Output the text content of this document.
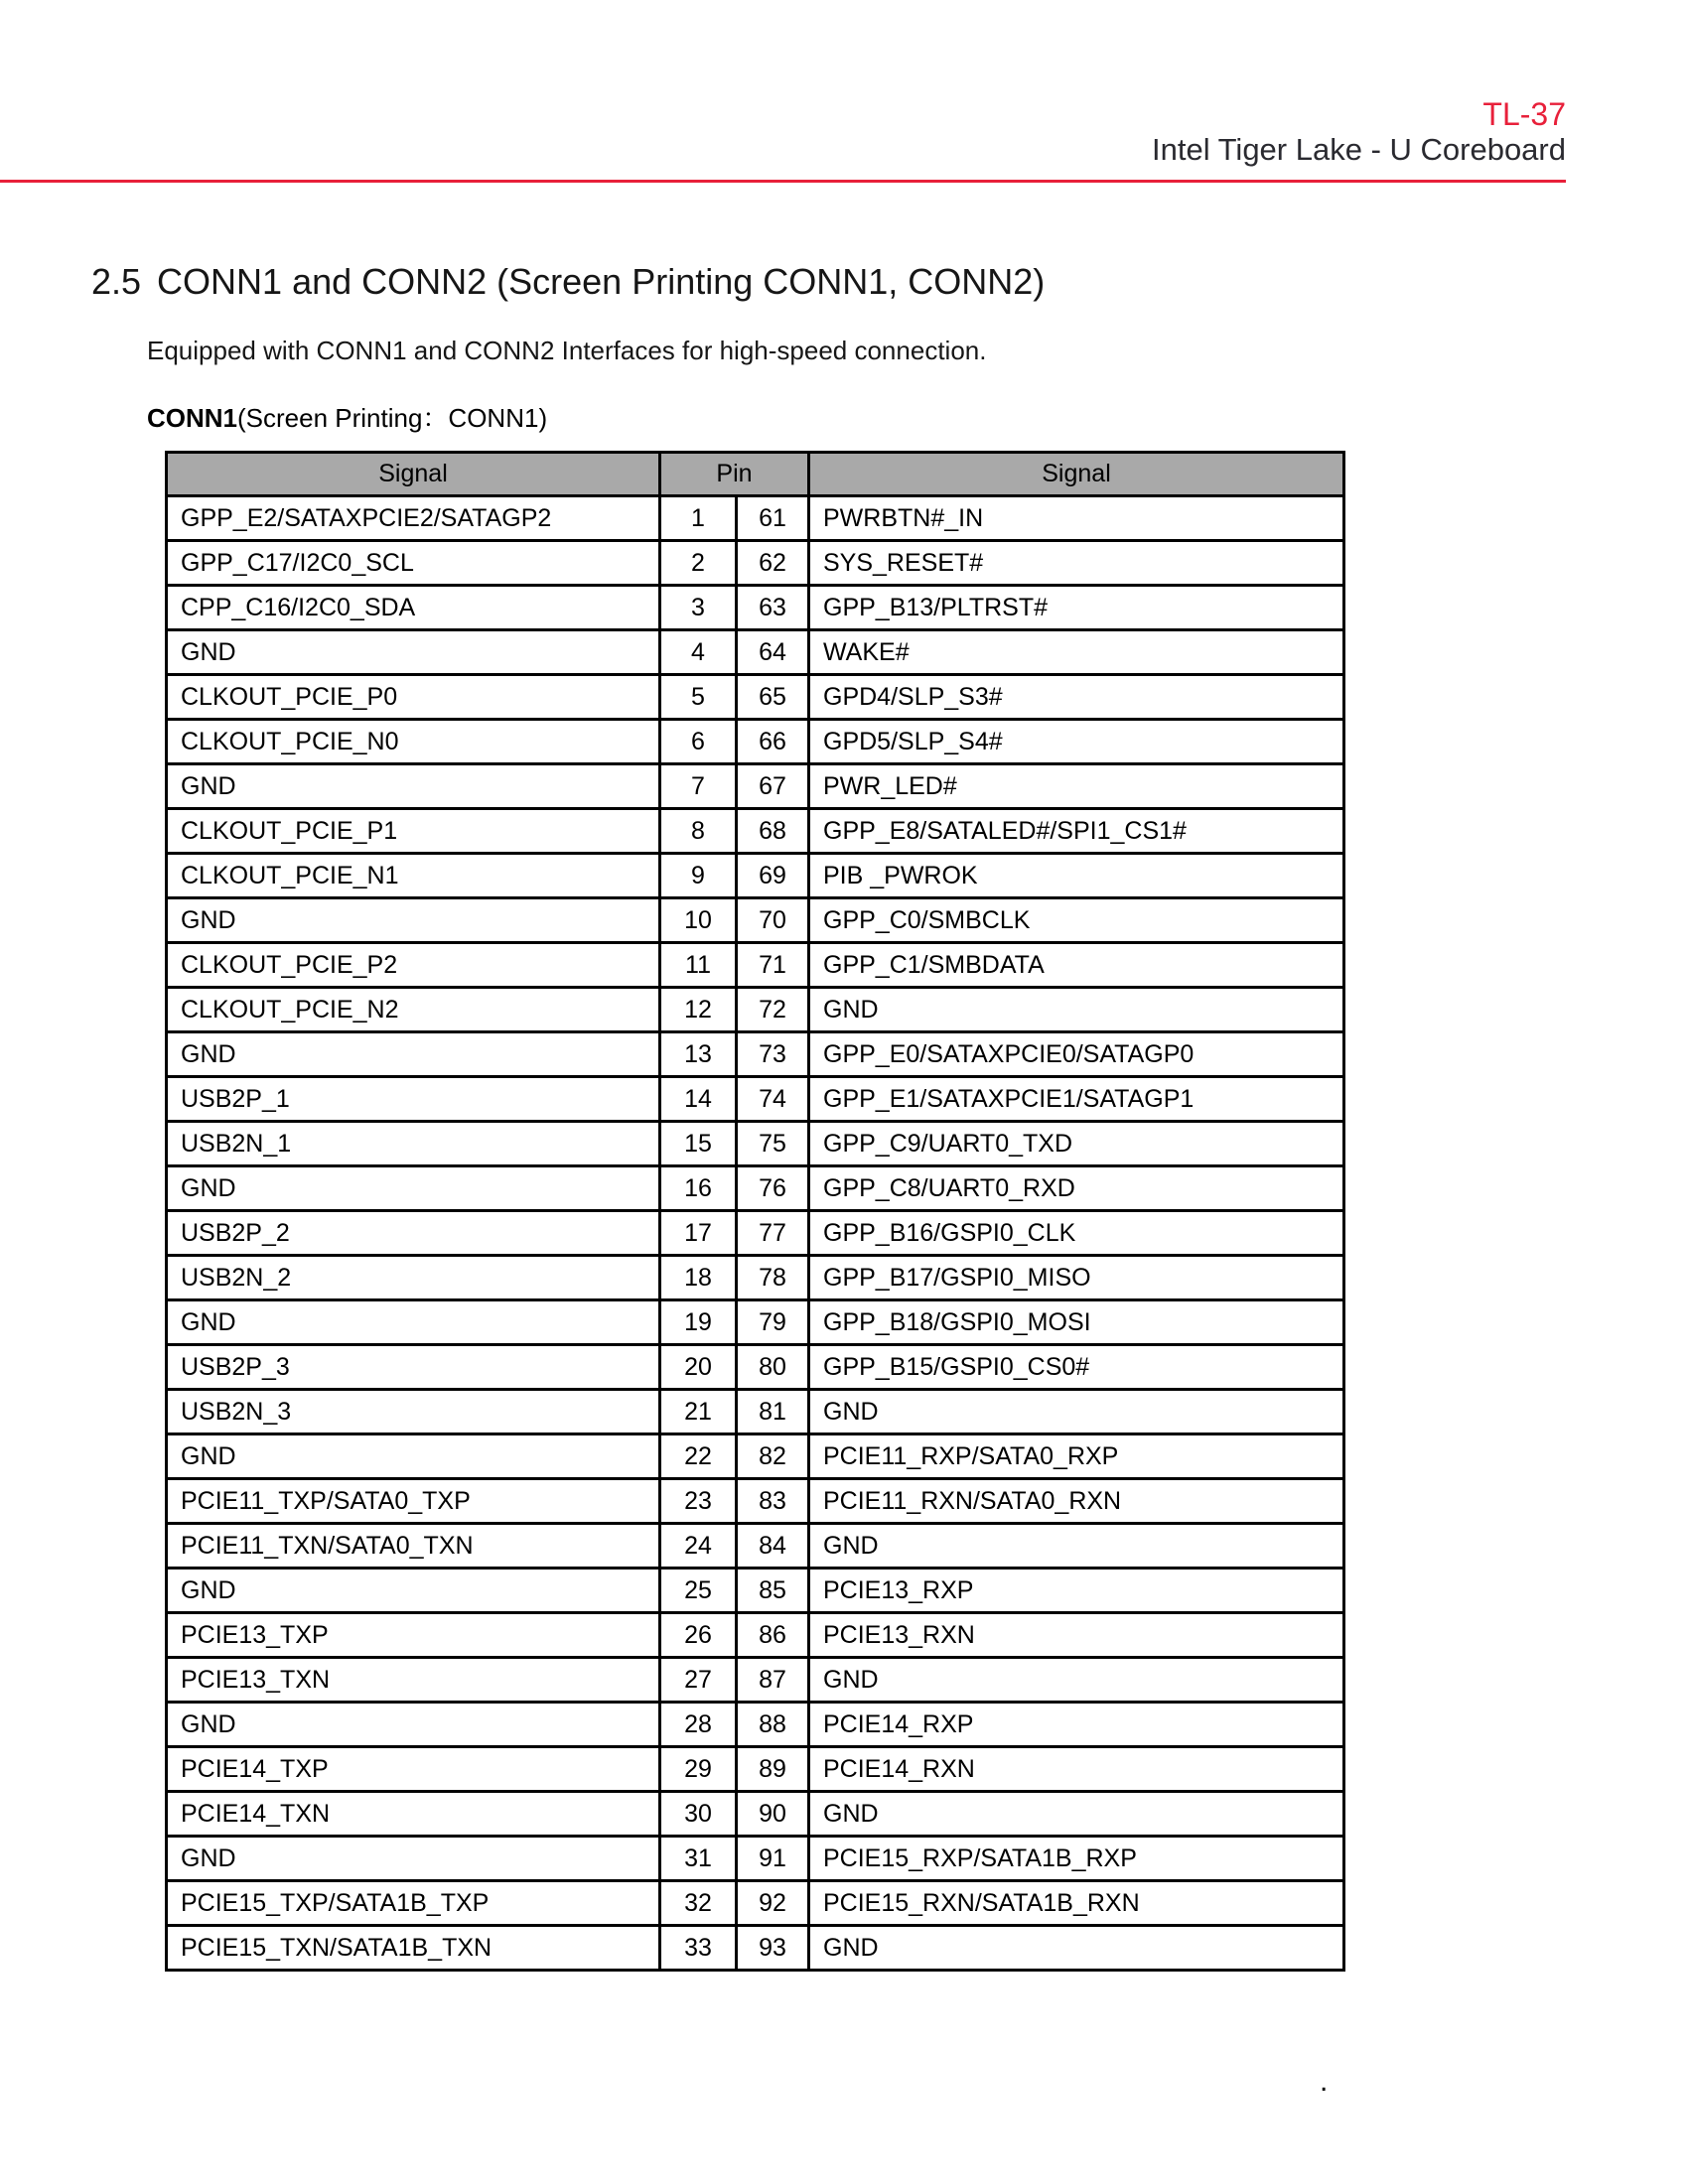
TL-37
Intel Tiger Lake - U Coreboard
2.5 CONN1 and CONN2 (Screen Printing CONN1, CONN2)
Equipped with CONN1 and CONN2 Interfaces for high-speed connection.
CONN1(Screen Printing：CONN1)
Signal	Pin		Signal
GPP_E2/SATAXPCIE2/SATAGP2	1	61	PWRBTN#_IN
GPP_C17/I2C0_SCL	2	62	SYS_RESET#
CPP_C16/I2C0_SDA	3	63	GPP_B13/PLTRST#
GND	4	64	WAKE#
CLKOUT_PCIE_P0	5	65	GPD4/SLP_S3#
CLKOUT_PCIE_N0	6	66	GPD5/SLP_S4#
GND	7	67	PWR_LED#
CLKOUT_PCIE_P1	8	68	GPP_E8/SATALED#/SPI1_CS1#
CLKOUT_PCIE_N1	9	69	PIB _PWROK
GND	10	70	GPP_C0/SMBCLK
CLKOUT_PCIE_P2	11	71	GPP_C1/SMBDATA
CLKOUT_PCIE_N2	12	72	GND
GND	13	73	GPP_E0/SATAXPCIE0/SATAGP0
USB2P_1	14	74	GPP_E1/SATAXPCIE1/SATAGP1
USB2N_1	15	75	GPP_C9/UART0_TXD
GND	16	76	GPP_C8/UART0_RXD
USB2P_2	17	77	GPP_B16/GSPI0_CLK
USB2N_2	18	78	GPP_B17/GSPI0_MISO
GND	19	79	GPP_B18/GSPI0_MOSI
USB2P_3	20	80	GPP_B15/GSPI0_CS0#
USB2N_3	21	81	GND
GND	22	82	PCIE11_RXP/SATA0_RXP
PCIE11_TXP/SATA0_TXP	23	83	PCIE11_RXN/SATA0_RXN
PCIE11_TXN/SATA0_TXN	24	84	GND
GND	25	85	PCIE13_RXP
PCIE13_TXP	26	86	PCIE13_RXN
PCIE13_TXN	27	87	GND
GND	28	88	PCIE14_RXP
PCIE14_TXP	29	89	PCIE14_RXN
PCIE14_TXN	30	90	GND
GND	31	91	PCIE15_RXP/SATA1B_RXP
PCIE15_TXP/SATA1B_TXP	32	92	PCIE15_RXN/SATA1B_RXN
PCIE15_TXN/SATA1B_TXN	33	93	GND
.
